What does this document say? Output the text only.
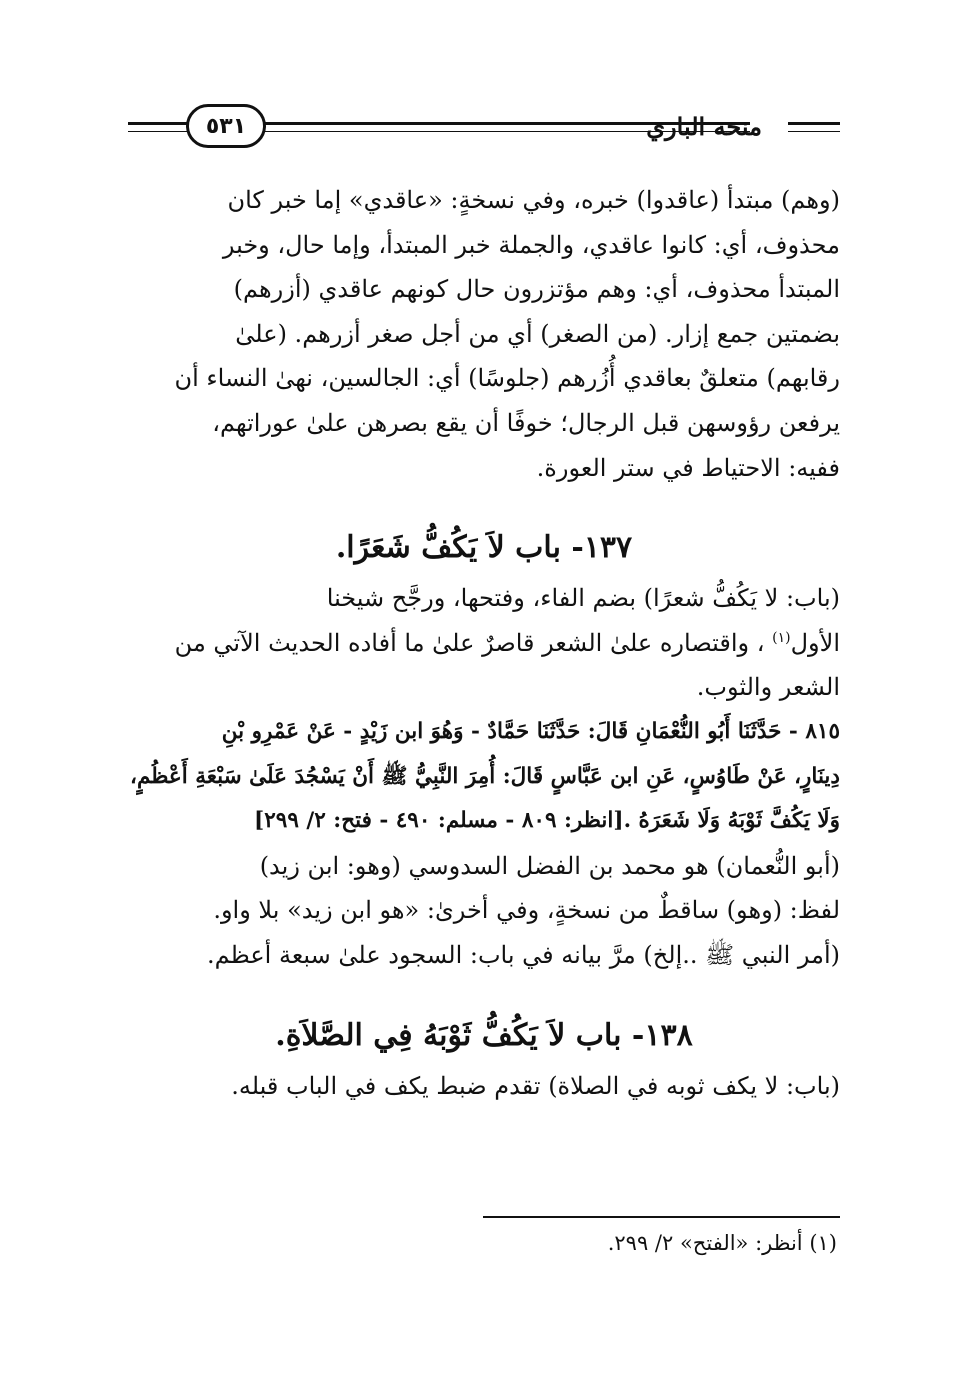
٥٣١	منحة الباري

(وهم) مبتدأ (عاقدوا) خبره، وفي نسخةٍ: «عاقدي» إما خبر كان
محذوف، أي: كانوا عاقدي، والجملة خبر المبتدأ، وإما حال، وخبر
المبتدأ محذوف، أي: وهم مؤتزرون حال كونهم عاقدي (أزرهم)
بضمتين جمع إزار. (من الصغر) أي من أجل صغر أزرهم. (علىٰ
رقابهم) متعلقٌ بعاقدي أُزُرهم (جلوسًا) أي: الجالسين، نهىٰ النساء أن
يرفعن رؤوسهن قبل الرجال؛ خوفًا أن يقع بصرهن علىٰ عوراتهم،
ففيه: الاحتياط في ستر العورة.

١٣٧- باب لاَ يَكُفُّ شَعَرًا.

(باب: لا يَكُفُّ شعرًا) بضم الفاء، وفتحها، ورجَّح شيخنا
الأول$^{(١)}$ ، واقتصاره علىٰ الشعر قاصرٌ علىٰ ما أفاده الحديث الآتي من
الشعر والثوب.

٨١٥ - حَدَّثَنَا أَبُو النُّعْمَانِ قَالَ: حَدَّثَنَا حَمَّادٌ - وَهُوَ ابن زَيْدٍ - عَنْ عَمْرِو بْنِ
دِينَارٍ، عَنْ طَاوُسٍ، عَنِ ابن عَبَّاسٍ قَالَ: أُمِرَ النَّبِيُّ ﷺ أَنْ يَسْجُدَ عَلَىٰ سَبْعَةِ أَعْظُمٍ،
وَلَا يَكُفَّ ثَوْبَهُ وَلَا شَعَرَهُ .[انظر: ٨٠٩ - مسلم: ٤٩٠ - فتح: ٢/ ٢٩٩]

(أبو النُّعمان) هو محمد بن الفضل السدوسي (وهو: ابن زيد)
لفظ: (وهو) ساقطٌ من نسخةٍ، وفي أخرىٰ: «هو ابن زيد» بلا واو.
(أمر النبي ﷺ ..إلخ) مرَّ بيانه في باب: السجود علىٰ سبعة أعظم.

١٣٨- باب لاَ يَكُفُّ ثَوْبَهُ فِي الصَّلاَةِ.

(باب: لا يكف ثوبه في الصلاة) تقدم ضبط يكف في الباب قبله.

(١) أنظر: «الفتح» ٢/ ٢٩٩.
